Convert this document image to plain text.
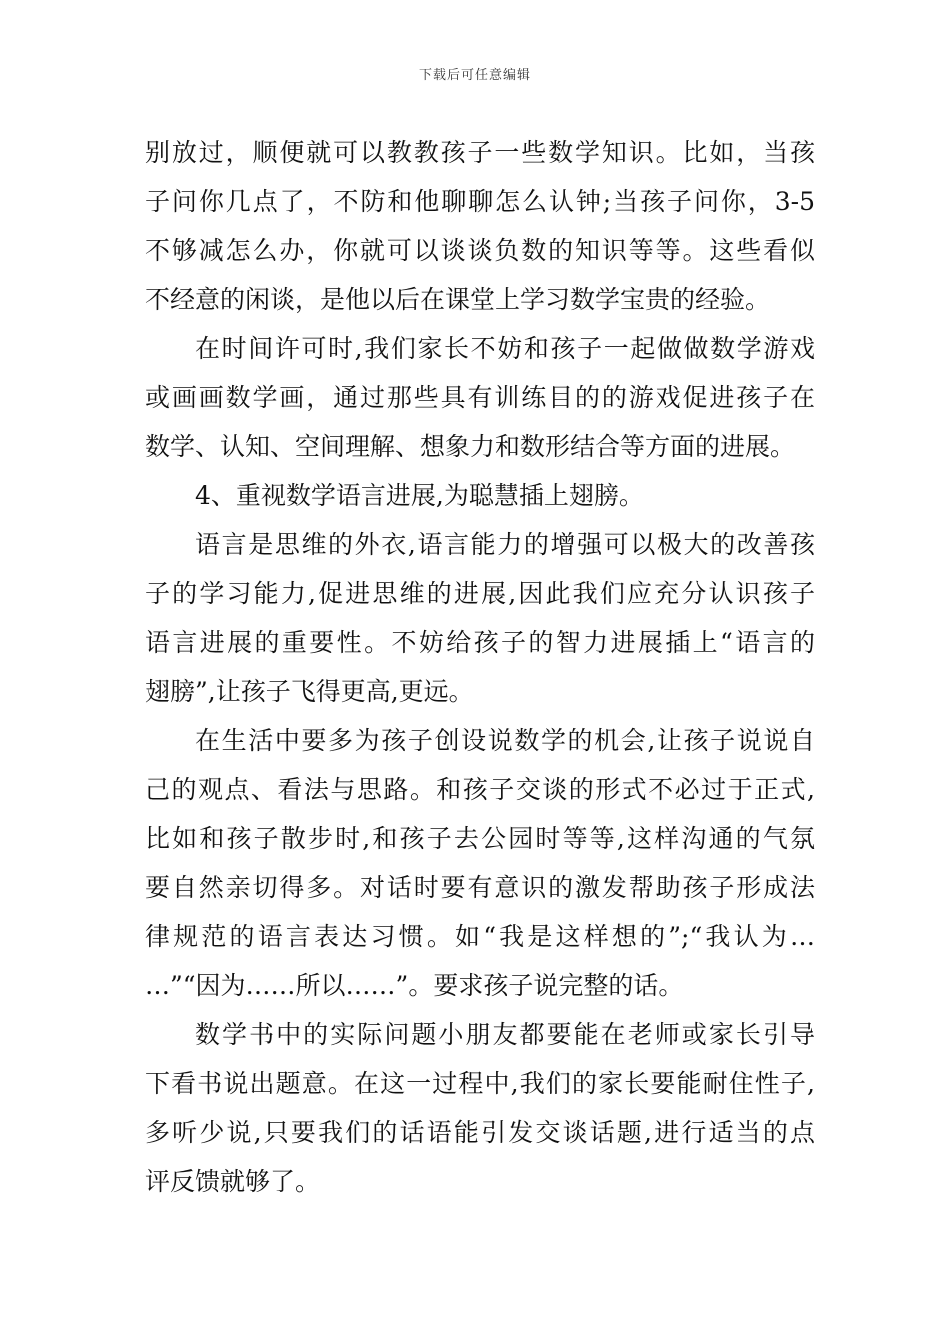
下载后可任意编辑
别放过，顺便就可以教教孩子一些数学知识。比如，当孩
子问你几点了，不防和他聊聊怎么认钟;当孩子问你，3-5
不够减怎么办，你就可以谈谈负数的知识等等。这些看似
不经意的闲谈，是他以后在课堂上学习数学宝贵的经验。
在时间许可时,我们家长不妨和孩子一起做做数学游戏
或画画数学画，通过那些具有训练目的的游戏促进孩子在
数学、认知、空间理解、想象力和数形结合等方面的进展。
4、重视数学语言进展,为聪慧插上翅膀。
语言是思维的外衣,语言能力的增强可以极大的改善孩
子的学习能力,促进思维的进展,因此我们应充分认识孩子
语言进展的重要性。不妨给孩子的智力进展插上“语言的
翅膀”,让孩子飞得更高,更远。
在生活中要多为孩子创设说数学的机会,让孩子说说自
己的观点、看法与思路。和孩子交谈的形式不必过于正式,
比如和孩子散步时,和孩子去公园时等等,这样沟通的气氛
要自然亲切得多。对话时要有意识的激发帮助孩子形成法
律规范的语言表达习惯。如“我是这样想的”;“我认为…
…”“因为……所以……”。要求孩子说完整的话。
数学书中的实际问题小朋友都要能在老师或家长引导
下看书说出题意。在这一过程中,我们的家长要能耐住性子,
多听少说,只要我们的话语能引发交谈话题,进行适当的点
评反馈就够了。
